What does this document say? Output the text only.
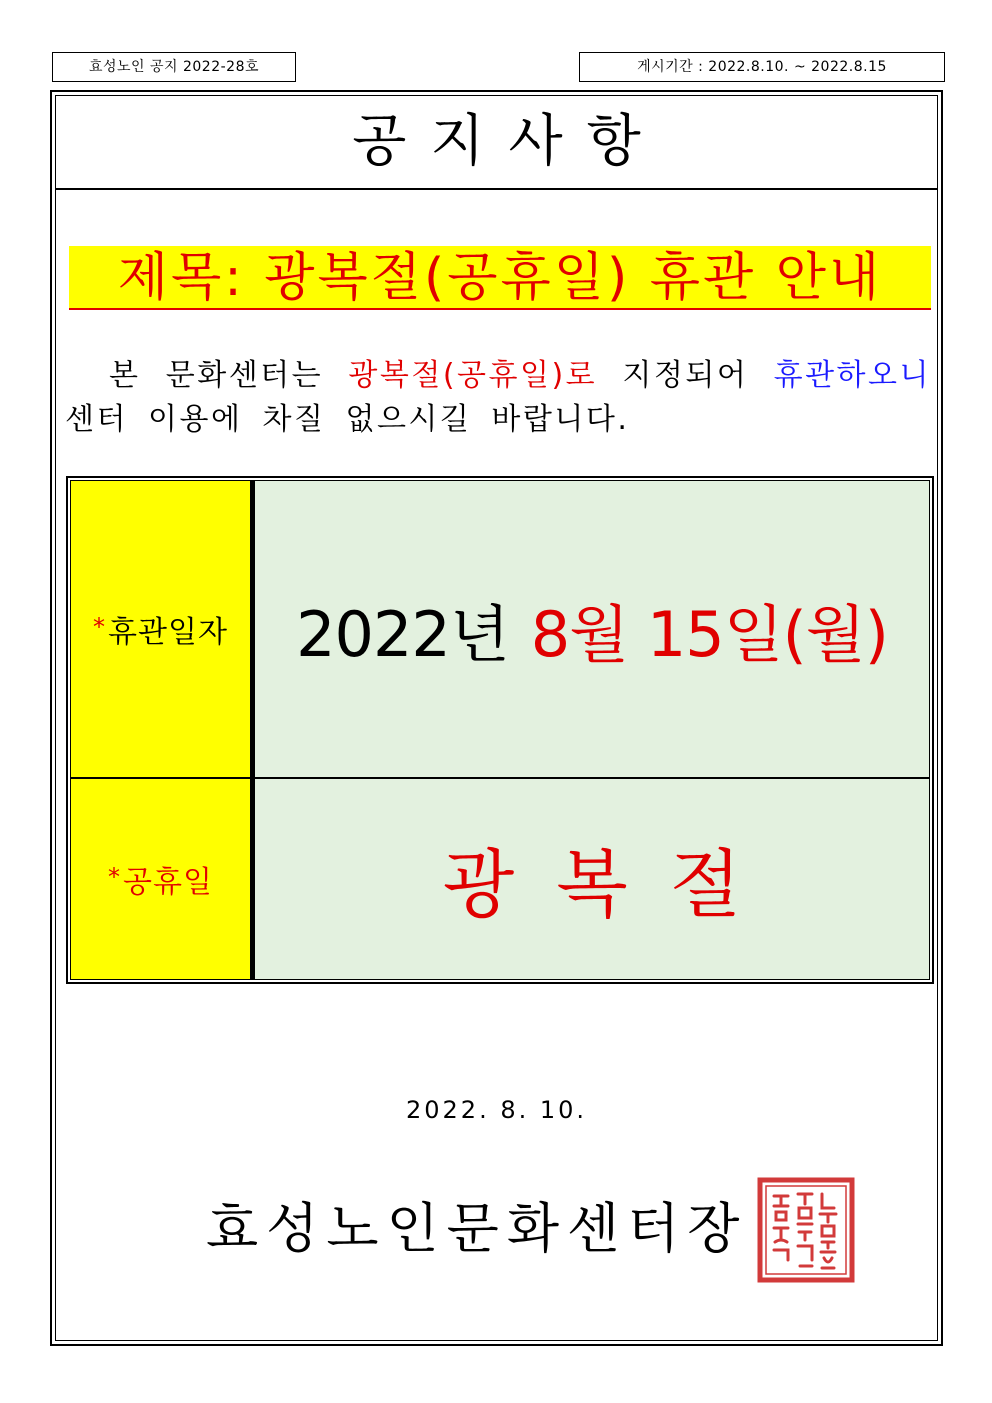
효성노인 공지 2022-28호	게시기간 : 2022.8.10. ~ 2022.8.15
공지사항
제목: 광복절(공휴일) 휴관 안내
본 문화센터는 광복절(공휴일)로 지정되어 휴관하오니 센터 이용에 차질 없으시길 바랍니다.
* 휴관일자 2022년 8월 15일(월)
* 공휴일	광복절
2022. 8. 10.
효성노인문화센터장
